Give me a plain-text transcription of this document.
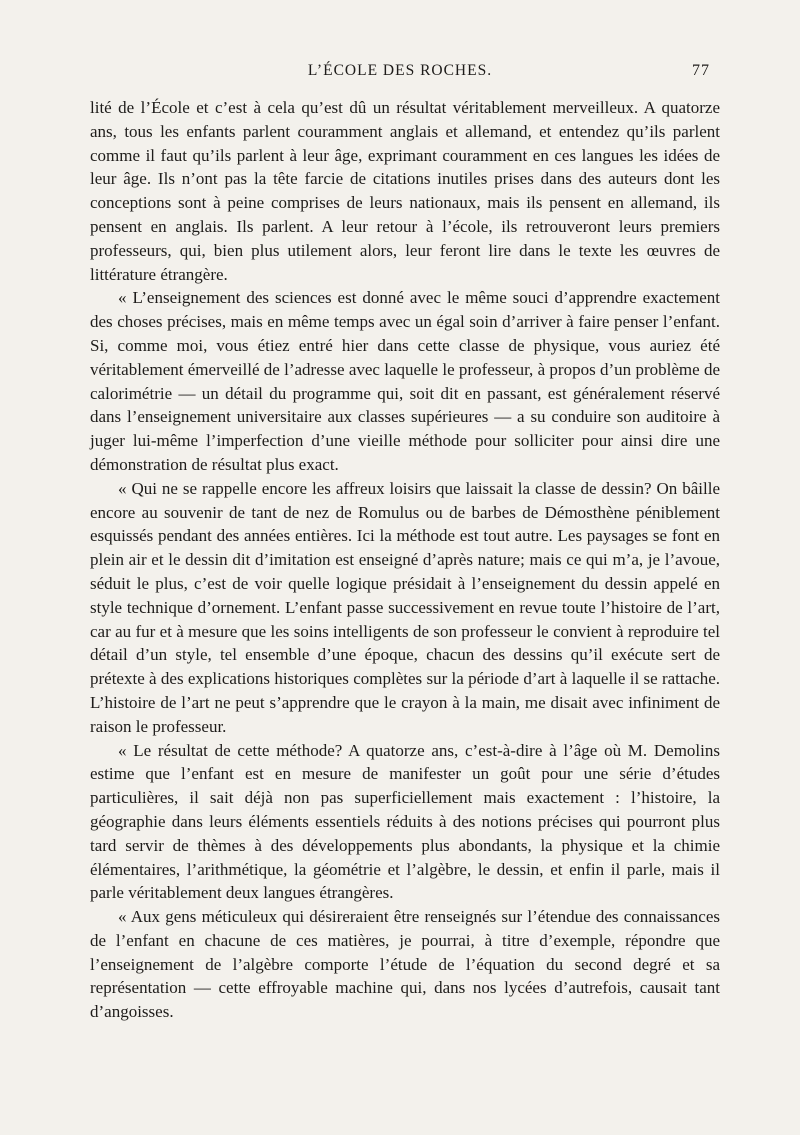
L’ÉCOLE DES ROCHES.	77

lité de l’École et c’est à cela qu’est dû un résultat véritablement merveilleux. A quatorze ans, tous les enfants parlent couramment anglais et allemand, et entendez qu’ils parlent comme il faut qu’ils parlent à leur âge, exprimant couramment en ces langues les idées de leur âge. Ils n’ont pas la tête farcie de citations inutiles prises dans des auteurs dont les conceptions sont à peine comprises de leurs nationaux, mais ils pensent en allemand, ils pensent en anglais. Ils parlent. A leur retour à l’école, ils retrouveront leurs premiers professeurs, qui, bien plus utilement alors, leur feront lire dans le texte les œuvres de littérature étrangère.

« L’enseignement des sciences est donné avec le même souci d’apprendre exactement des choses précises, mais en même temps avec un égal soin d’arriver à faire penser l’enfant. Si, comme moi, vous étiez entré hier dans cette classe de physique, vous auriez été véritablement émerveillé de l’adresse avec laquelle le professeur, à propos d’un problème de calorimétrie — un détail du programme qui, soit dit en passant, est généralement réservé dans l’enseignement universitaire aux classes supérieures — a su conduire son auditoire à juger lui-même l’imperfection d’une vieille méthode pour solliciter pour ainsi dire une démonstration de résultat plus exact.

« Qui ne se rappelle encore les affreux loisirs que laissait la classe de dessin? On bâille encore au souvenir de tant de nez de Romulus ou de barbes de Démosthène péniblement esquissés pendant des années entières. Ici la méthode est tout autre. Les paysages se font en plein air et le dessin dit d’imitation est enseigné d’après nature; mais ce qui m’a, je l’avoue, séduit le plus, c’est de voir quelle logique présidait à l’enseignement du dessin appelé en style technique d’ornement. L’enfant passe successivement en revue toute l’histoire de l’art, car au fur et à mesure que les soins intelligents de son professeur le convient à reproduire tel détail d’un style, tel ensemble d’une époque, chacun des dessins qu’il exécute sert de prétexte à des explications historiques complètes sur la période d’art à laquelle il se rattache. L’histoire de l’art ne peut s’apprendre que le crayon à la main, me disait avec infiniment de raison le professeur.

« Le résultat de cette méthode? A quatorze ans, c’est-à-dire à l’âge où M. Demolins estime que l’enfant est en mesure de manifester un goût pour une série d’études particulières, il sait déjà non pas superficiellement mais exactement : l’histoire, la géographie dans leurs éléments essentiels réduits à des notions précises qui pourront plus tard servir de thèmes à des développements plus abondants, la physique et la chimie élémentaires, l’arithmétique, la géométrie et l’algèbre, le dessin, et enfin il parle, mais il parle véritablement deux langues étrangères.

« Aux gens méticuleux qui désireraient être renseignés sur l’étendue des connaissances de l’enfant en chacune de ces matières, je pourrai, à titre d’exemple, répondre que l’enseignement de l’algèbre comporte l’étude de l’équation du second degré et sa représentation — cette effroyable machine qui, dans nos lycées d’autrefois, causait tant d’angoisses.
